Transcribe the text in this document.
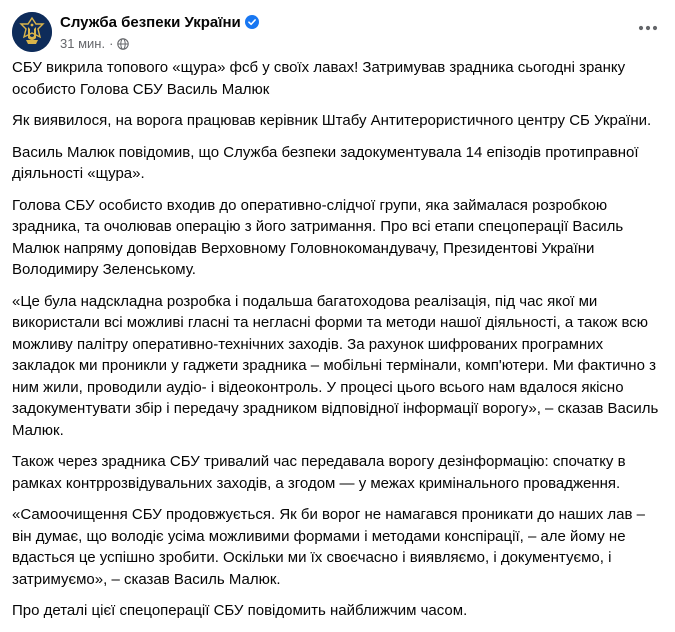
Служба безпеки України
31 мин. ·

СБУ викрила топового «щура» фсб у своїх лавах! Затримував зрадника сьогодні зранку особисто Голова СБУ Василь Малюк

Як виявилося, на ворога працював керівник Штабу Антитерористичного центру СБ України.

Василь Малюк повідомив, що Служба безпеки задокументувала 14 епізодів протиправної діяльності «щура».

Голова СБУ особисто входив до оперативно-слідчої групи, яка займалася розробкою зрадника, та очолював операцію з його затримання. Про всі етапи спецоперації Василь Малюк напряму доповідав Верховному Головнокомандувачу, Президентові України Володимиру Зеленському.

«Це була надскладна розробка і подальша багатоходова реалізація, під час якої ми використали всі можливі гласні та негласні форми та методи нашої діяльності, а також всю можливу палітру оперативно-технічних заходів. За рахунок шифрованих програмних закладок ми проникли у гаджети зрадника – мобільні термінали, комп'ютери. Ми фактично з ним жили, проводили аудіо- і відеоконтроль. У процесі цього всього нам вдалося якісно задокументувати збір і передачу зрадником відповідної інформації ворогу», – сказав Василь Малюк.

Також через зрадника СБУ тривалий час передавала ворогу дезінформацію: спочатку в рамках контррозвідувальних заходів, а згодом — у межах кримінального провадження.

«Самоочищення СБУ продовжується. Як би ворог не намагався проникати до наших лав – він думає, що володіє усіма можливими формами і методами конспірації, – але йому не вдасться це успішно зробити. Оскільки ми їх своєчасно і виявляємо, і документуємо, і затримуємо», – сказав Василь Малюк.

Про деталі цієї спецоперації СБУ повідомить найближчим часом.
